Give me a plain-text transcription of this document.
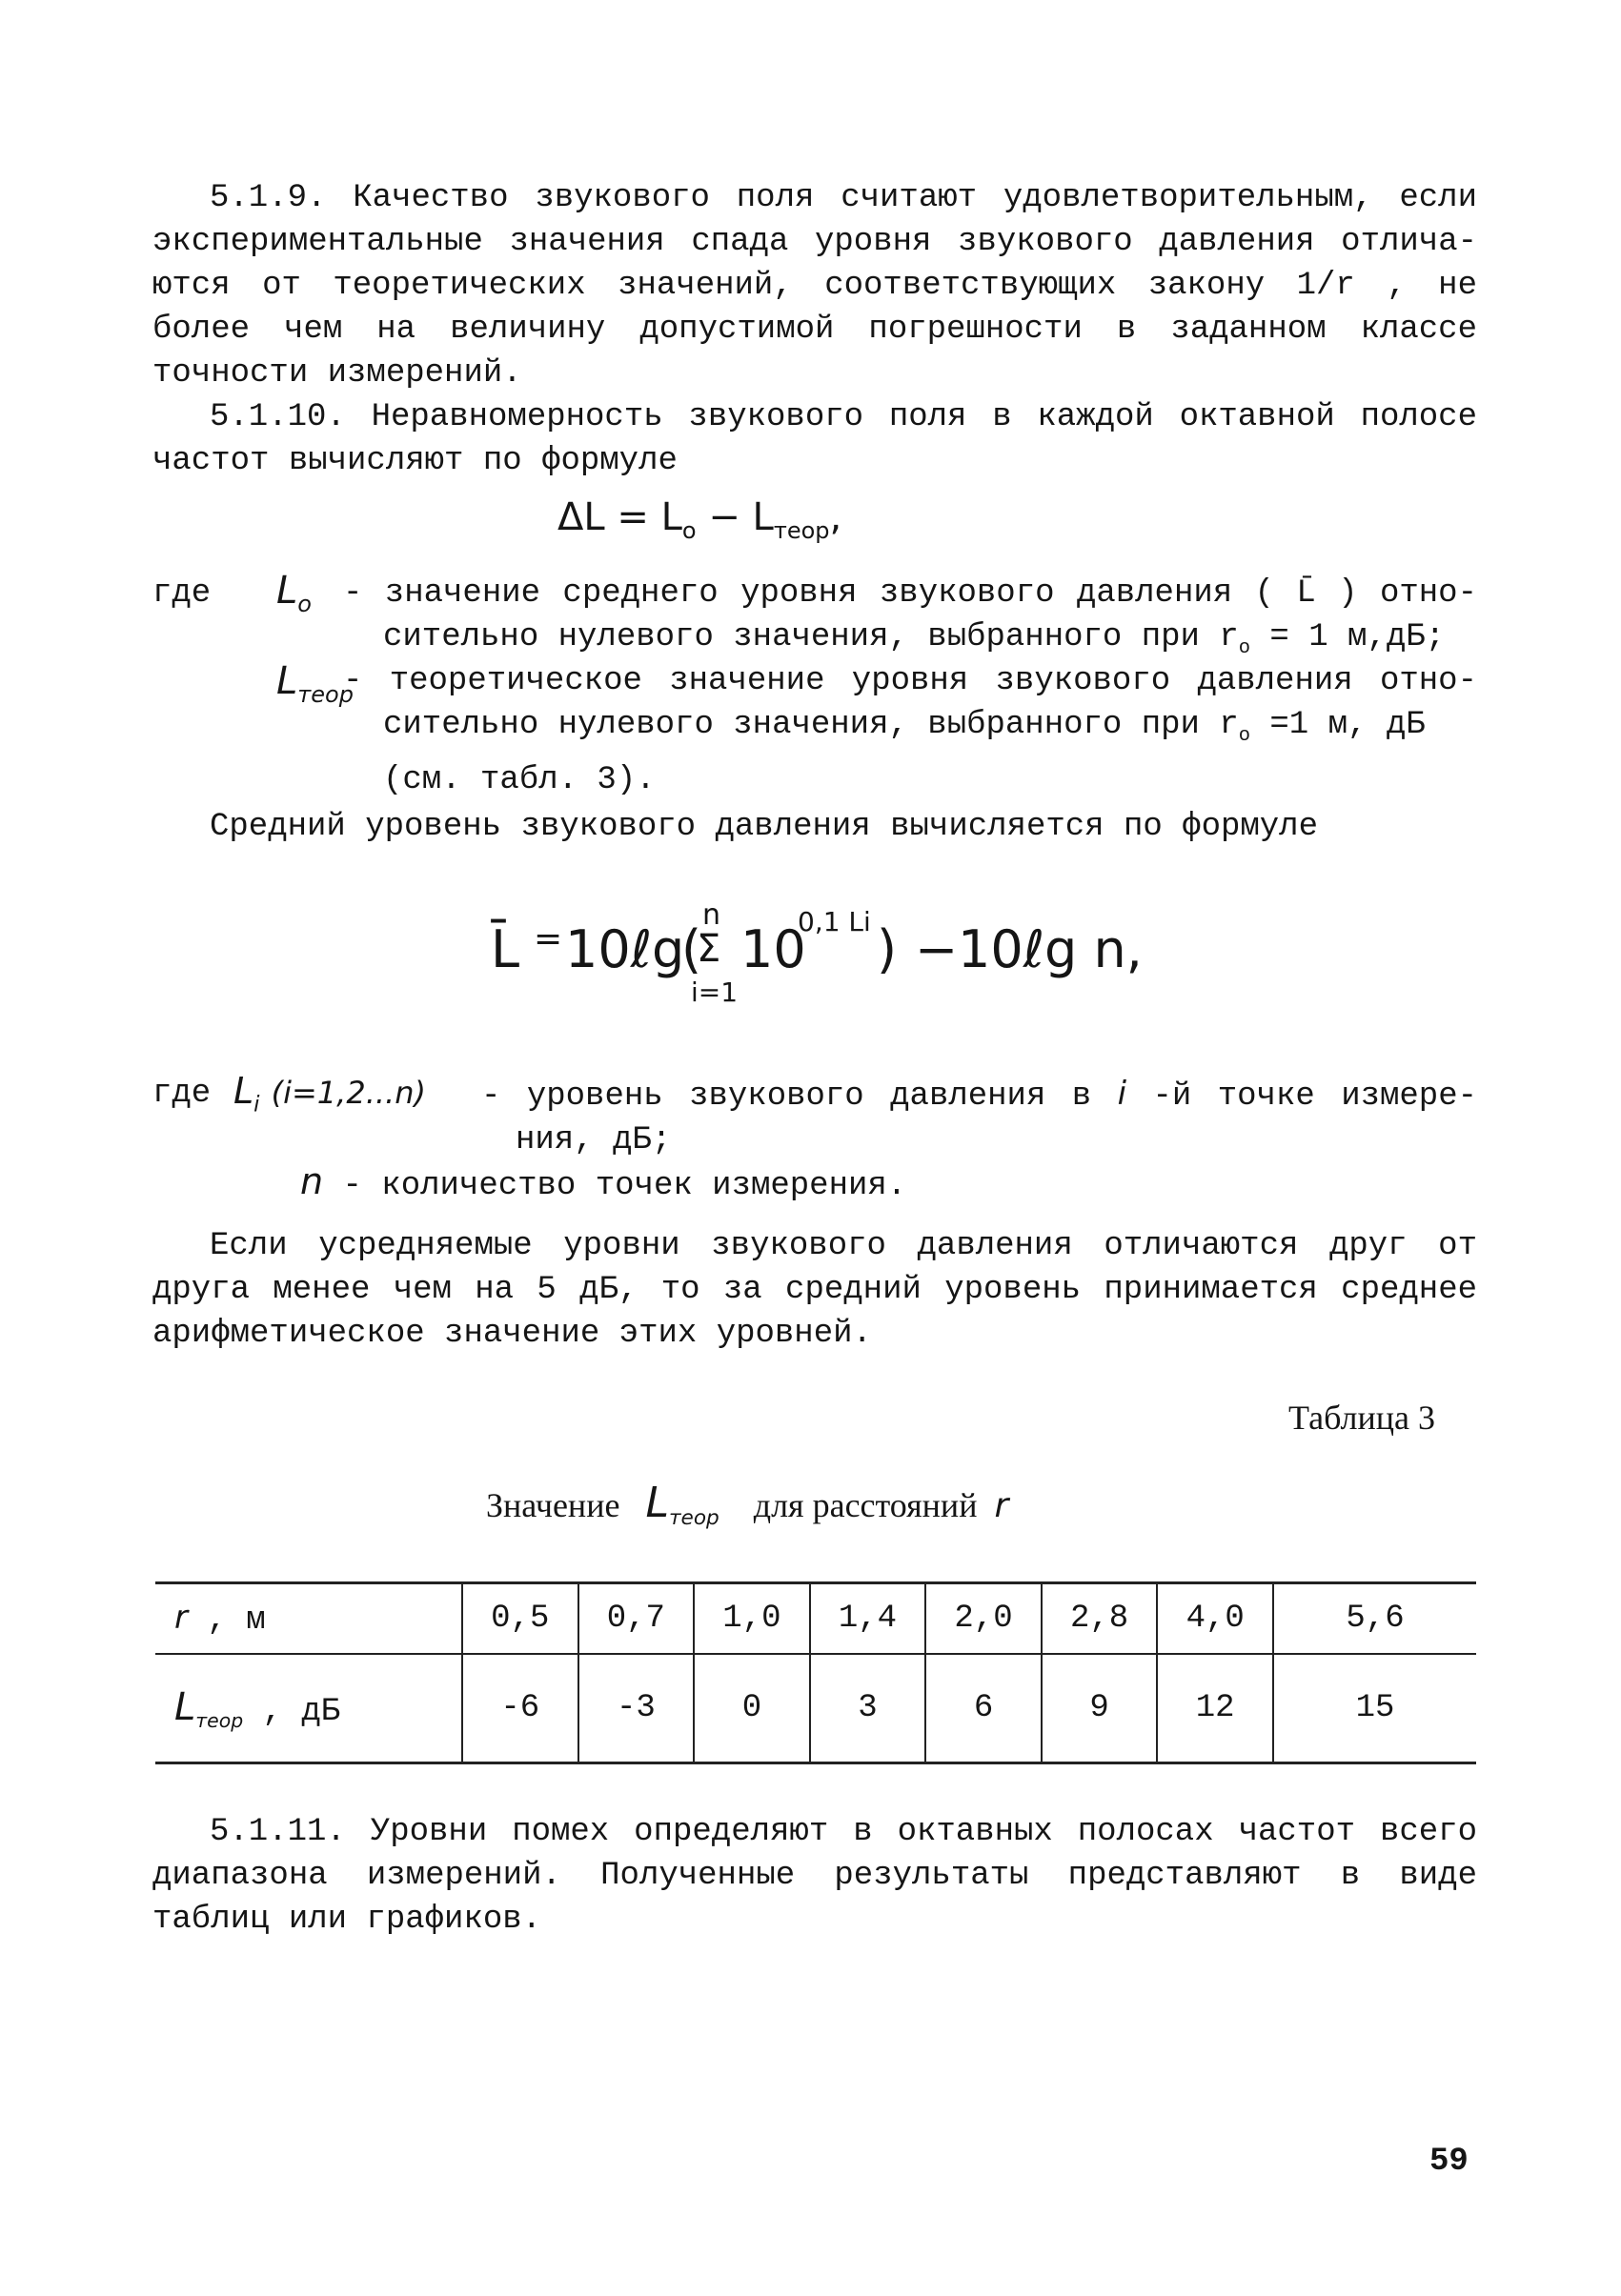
5.1.9. Качество звукового поля считают удовлетворительным, если
экспериментальные значения спада уровня звукового давления отлича-
ются от теоретических значений, соответствующих закону 1/r , не
более чем на величину допустимой погрешности в заданном классе
точности измерений.
5.1.10. Неравномерность звукового поля в каждой октавной полосе
частот вычисляют по формуле
$\Delta L = L_o - L_{теор}$,
где $L_o$ - значение среднего уровня звукового давления ( L̄ ) отно-
сительно нулевого значения, выбранного при $r_o = 1$ м,дБ;
$L_{теор}$
- теоретическое значение уровня звукового давления отно-
сительно нулевого значения, выбранного при $r_o =1$ м, дБ
(см. табл. 3).
Средний уровень звукового давления вычисляется по формуле
L̄ = 10ℓg
(
n
Σ
i=1
10
0,1 Li ) − 10ℓg n,
где $L_i$ (i=1,2...n) - уровень звукового давления в i -й точке измере-
ния, дБ;
n - количество точек измерения.
Если усредняемые уровни звукового давления отличаются друг от
друга менее чем на 5 дБ, то за средний уровень принимается среднее
арифметическое значение этих уровней.
Таблица 3
Значение $L_{теор}$ для расстояний r
r , м	0,5	0,7	1,0	1,4	2,0	2,8	4,0	5,6
$L_{теор}$ , дБ	-6	-3	0	3	6	9	12	15
5.1.11. Уровни помех определяют в октавных полосах частот всего
диапазона измерений. Полученные результаты представляют в виде
таблиц или графиков.
59
